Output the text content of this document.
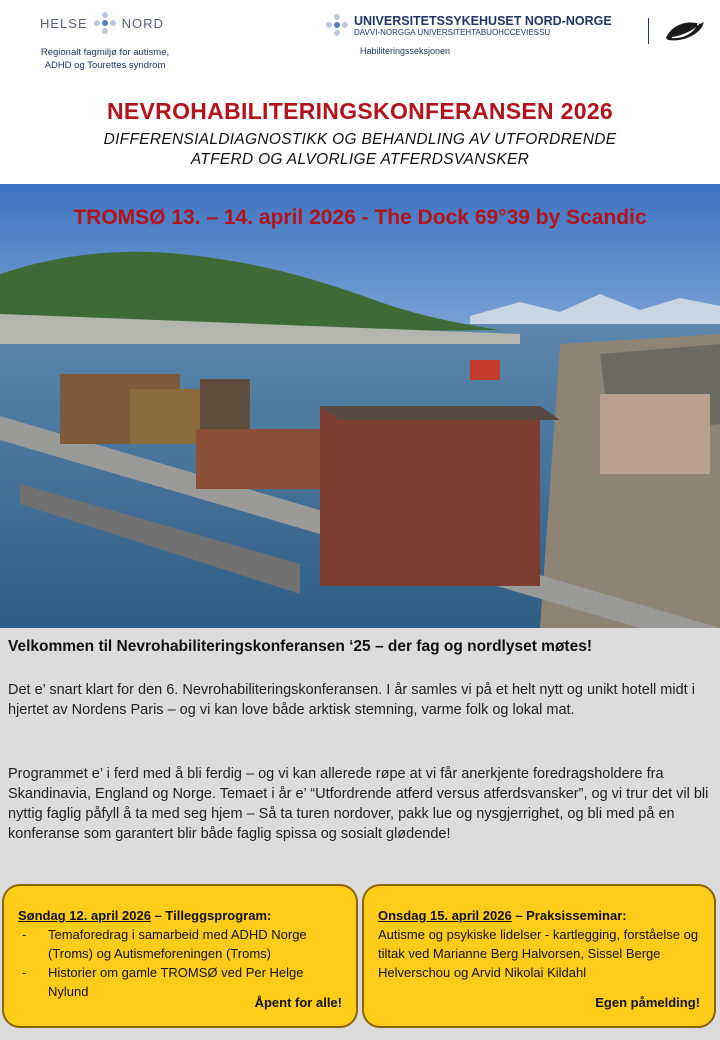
HELSE	NORD
Regionalt fagmiljø for autisme,
ADHD og Tourettes syndrom
UNIVERSITETSSYKEHUSET NORD-NORGE
DAVVI-NORGGA UNIVERSITEHTABUOHCCEVIESSU
Habiliteringsseksjonen
NEVROHABILITERINGSKONFERANSEN 2026
DIFFERENSIALDIAGNOSTIKK OG BEHANDLING AV UTFORDRENDE
ATFERD OG ALVORLIGE ATFERDSVANSKER
TROMSØ 13. – 14. april 2026 - The Dock 69°39 by Scandic
Velkommen til Nevrohabiliteringskonferansen ‘25 – der fag og nordlyset møtes!

Det e’ snart klart for den 6. Nevrohabiliteringskonferansen. I år samles vi på et helt nytt og unikt hotell midt i hjertet av Nordens Paris – og vi kan love både arktisk stemning, varme folk og lokal mat.

Programmet e’ i ferd med å bli ferdig – og vi kan allerede røpe at vi får anerkjente foredragsholdere fra Skandinavia, England og Norge. Temaet i år e’ “Utfordrende atferd versus atferdsvansker”, og vi trur det vil bli nyttig faglig påfyll å ta med seg hjem – Så ta turen nordover, pakk lue og nysgjerrighet, og bli med på en konferanse som garantert blir både faglig spissa og sosialt glødende!

Søndag 12. april 2026 – Tilleggsprogram:
- Temaforedrag i samarbeid med ADHD Norge (Troms) og Autismeforeningen (Troms)
- Historier om gamle TROMSØ ved Per Helge Nylund
Åpent for alle!
Onsdag 15. april 2026 – Praksisseminar:
Autisme og psykiske lidelser - kartlegging, forståelse og tiltak ved Marianne Berg Halvorsen, Sissel Berge Helverschou og Arvid Nikolai Kildahl
Egen påmelding!
